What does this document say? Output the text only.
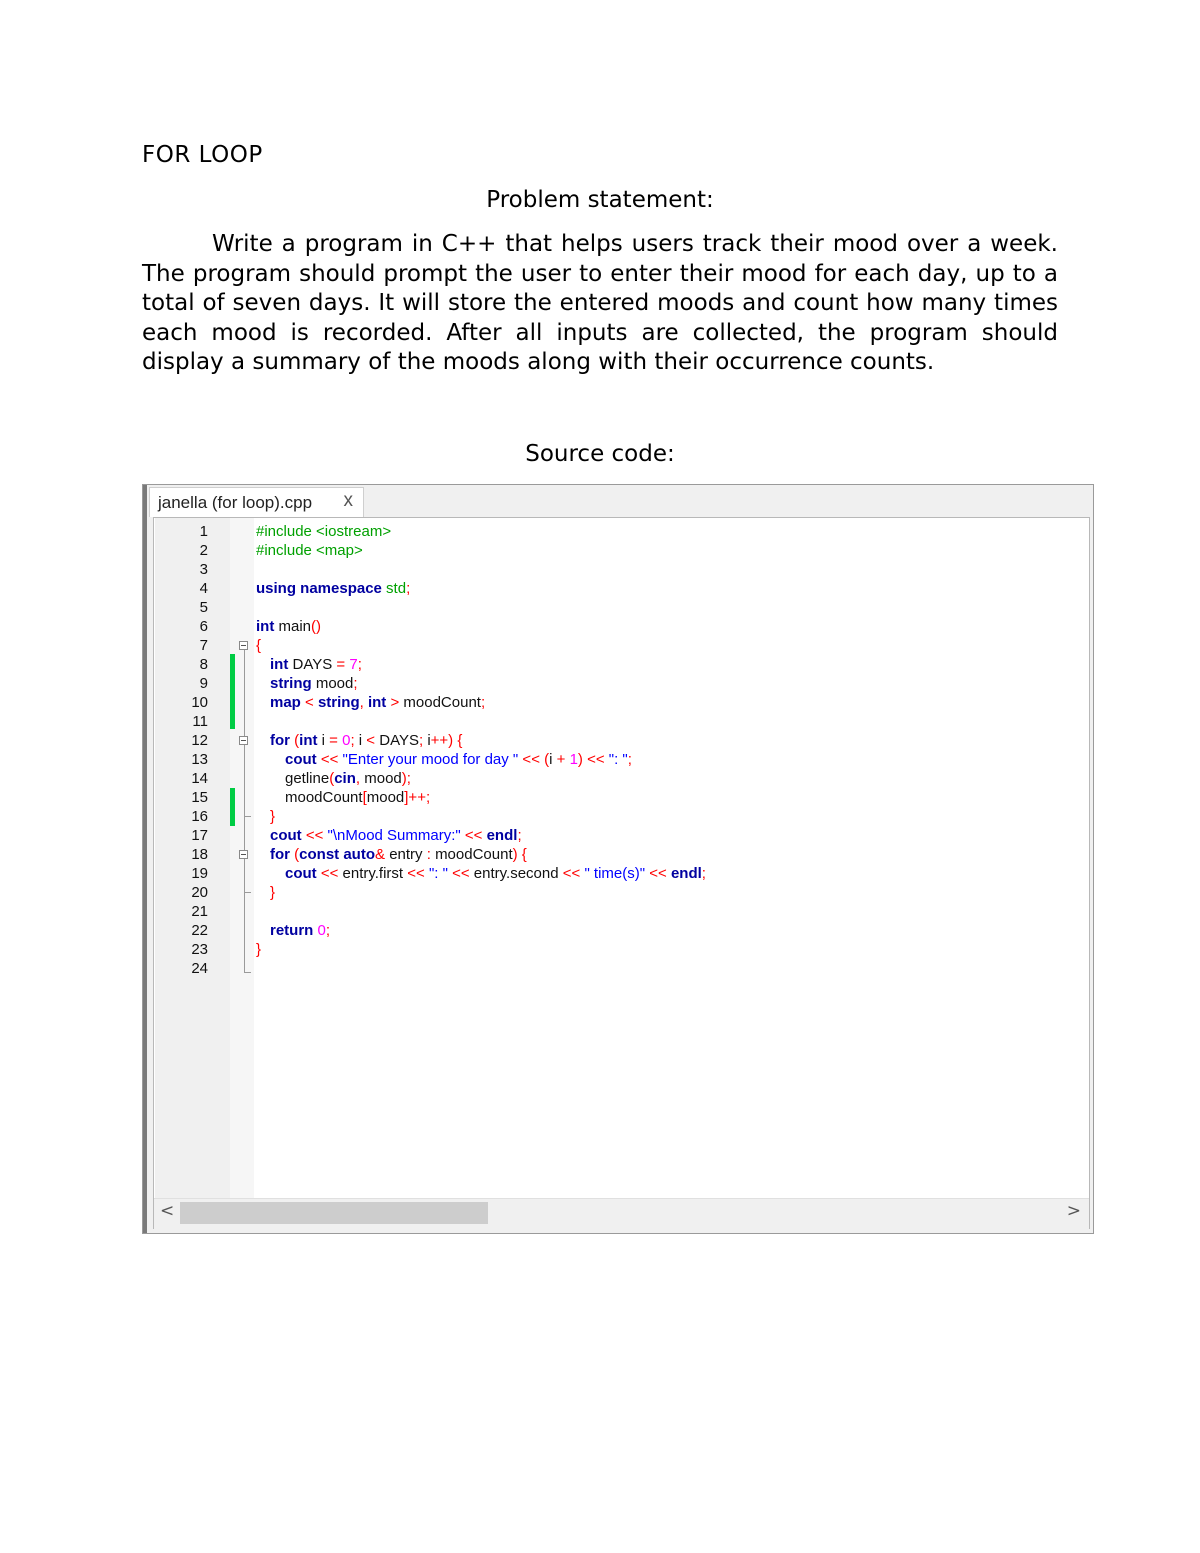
FOR LOOP
Problem statement:
Write a program in C++ that helps users track their mood over a week. The program should prompt the user to enter their mood for each day, up to a total of seven days. It will store the entered moods and count how many times each mood is recorded. After all inputs are collected, the program should display a summary of the moods along with their occurrence counts.
Source code:
janella (for loop).cpp x
1
2
3
4
5
6
7
8
9
10
11
12
13
14
15
16
17
18
19
20
21
22
23
24
#include <iostream>
#include <map>
using namespace std;
int main()
{
int DAYS = 7;
string mood;
map < string, int > moodCount;
for (int i = 0; i < DAYS; i++) {
cout << "Enter your mood for day " << (i + 1) << ": ";
getline(cin, mood);
moodCount[mood]++;
}
cout << "\nMood Summary:" << endl;
for (const auto& entry : moodCount) {
cout << entry.first << ": " << entry.second << " time(s)" << endl;
}
return 0;
}
<	>
